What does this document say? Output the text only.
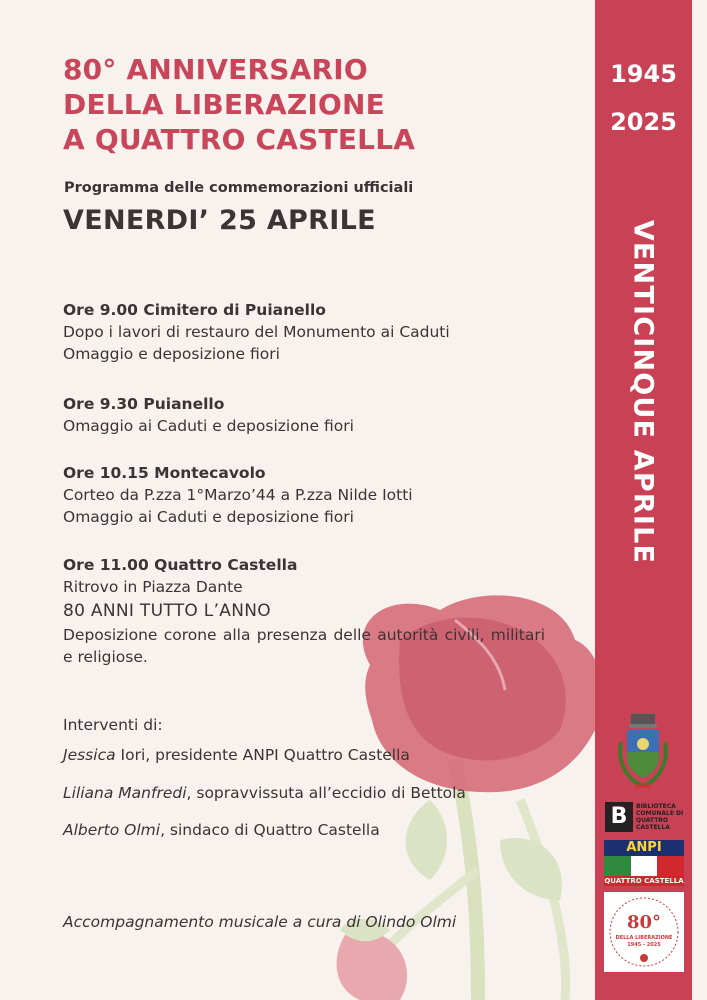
80° ANNIVERSARIO
DELLA LIBERAZIONE
A QUATTRO CASTELLA
Programma delle commemorazioni ufficiali
VENERDI’ 25 APRILE
Ore 9.00 Cimitero di Puianello
Dopo i lavori di restauro del Monumento ai Caduti
Omaggio e deposizione fiori
Ore 9.30 Puianello
Omaggio ai Caduti e deposizione fiori
Ore 10.15 Montecavolo
Corteo da P.zza 1°Marzo’44 a P.zza Nilde Iotti
Omaggio ai Caduti e deposizione fiori
Ore 11.00 Quattro Castella
Ritrovo in Piazza Dante
80 ANNI TUTTO L’ANNO
Deposizione corone alla presenza delle autorità civili, militari e religiose.
Interventi di:
Jessica Iori, presidente ANPI Quattro Castella
Liliana Manfredi, sopravvissuta all’eccidio di Bettola
Alberto Olmi, sindaco di Quattro Castella
Accompagnamento musicale a cura di Olindo Olmi
1945
2025
VENTICINQUE APRILE
B	BIBLIOTECA COMUNALE DI QUATTRO CASTELLA
ANPI
QUATTRO CASTELLA
80°
DELLA LIBERAZIONE
1945 - 2025
